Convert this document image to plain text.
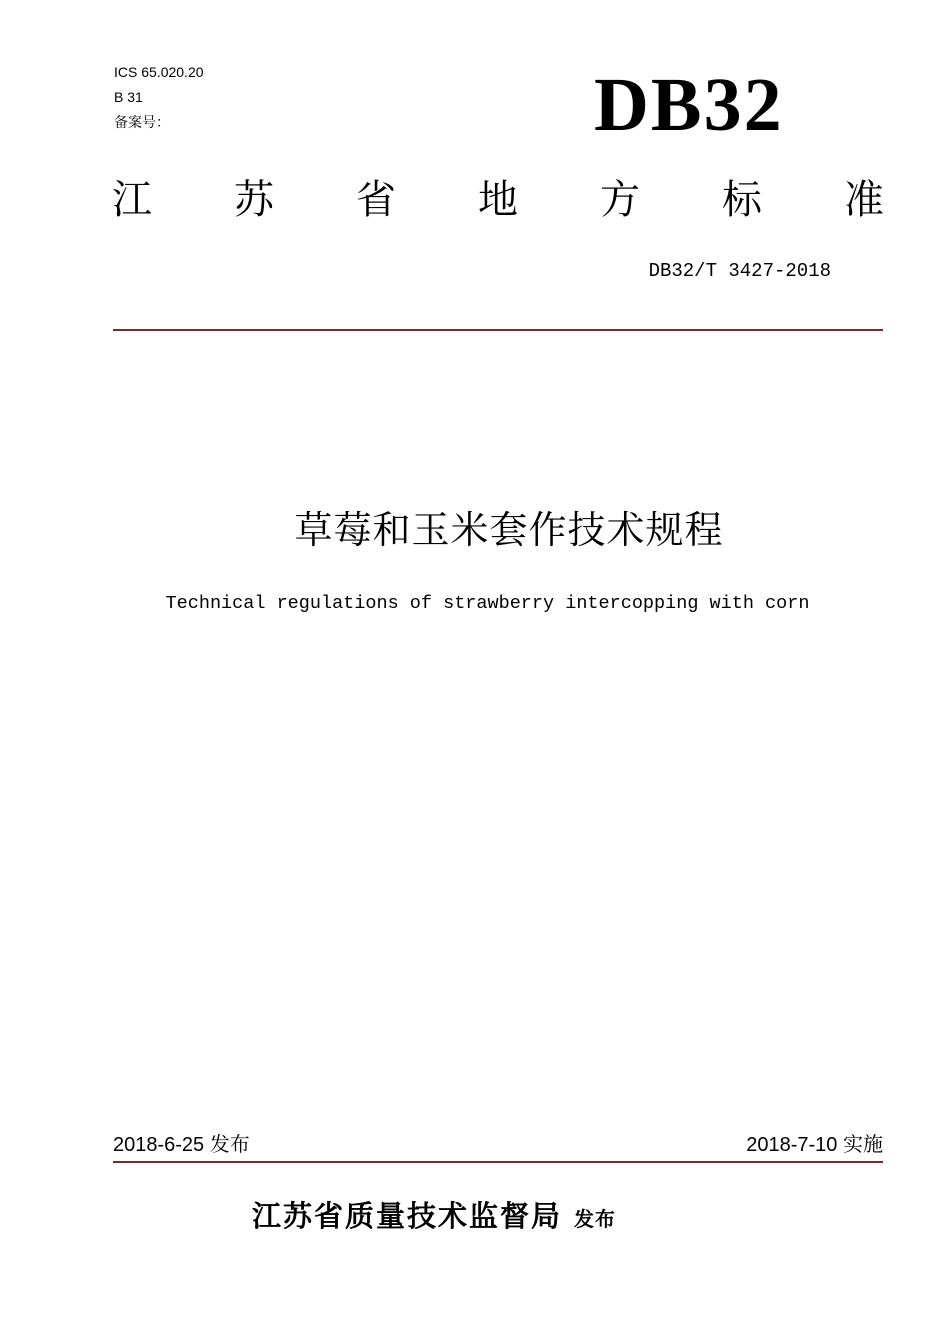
ICS 65.020.20
B 31
备案号：	DB32
江 苏 省 地 方 标 准
DB32/T 3427-2018
草莓和玉米套作技术规程
Technical regulations of strawberry intercopping with corn
2018-6-25 发布	2018-7-10 实施
江苏省质量技术监督局 发布
